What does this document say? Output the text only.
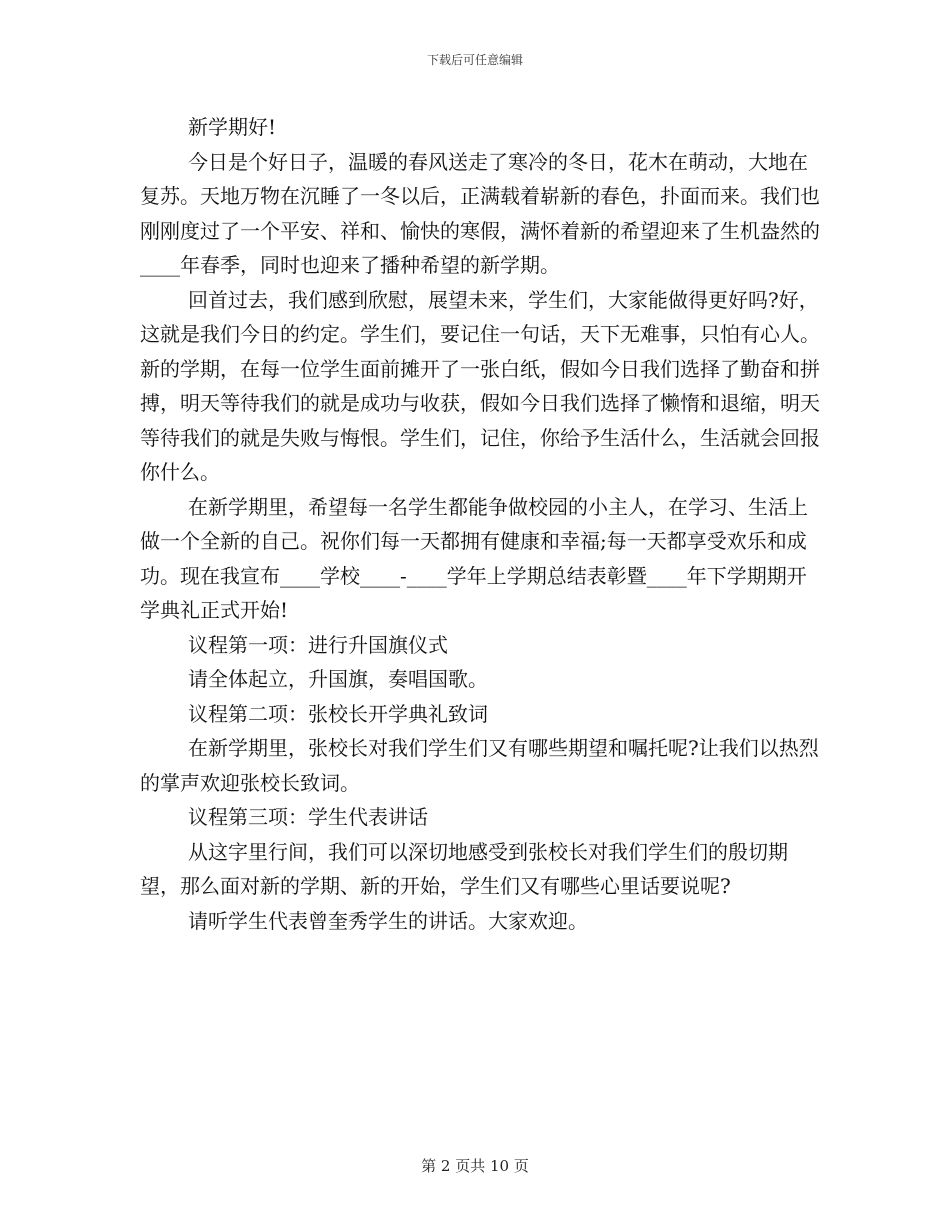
下载后可任意编辑

新学期好!

今日是个好日子，温暖的春风送走了寒冷的冬日，花木在萌动，大地在复苏。天地万物在沉睡了一冬以后，正满载着崭新的春色，扑面而来。我们也刚刚度过了一个平安、祥和、愉快的寒假，满怀着新的希望迎来了生机盎然的____年春季，同时也迎来了播种希望的新学期。

回首过去，我们感到欣慰，展望未来，学生们，大家能做得更好吗?好，这就是我们今日的约定。学生们，要记住一句话，天下无难事，只怕有心人。新的学期，在每一位学生面前摊开了一张白纸，假如今日我们选择了勤奋和拼搏，明天等待我们的就是成功与收获，假如今日我们选择了懒惰和退缩，明天等待我们的就是失败与悔恨。学生们，记住，你给予生活什么，生活就会回报你什么。

在新学期里，希望每一名学生都能争做校园的小主人，在学习、生活上做一个全新的自己。祝你们每一天都拥有健康和幸福;每一天都享受欢乐和成功。现在我宣布____学校____-____学年上学期总结表彰暨____年下学期期开学典礼正式开始!

议程第一项：进行升国旗仪式

请全体起立，升国旗，奏唱国歌。

议程第二项：张校长开学典礼致词

在新学期里，张校长对我们学生们又有哪些期望和嘱托呢?让我们以热烈的掌声欢迎张校长致词。

议程第三项：学生代表讲话

从这字里行间，我们可以深切地感受到张校长对我们学生们的殷切期望，那么面对新的学期、新的开始，学生们又有哪些心里话要说呢?

请听学生代表曾奎秀学生的讲话。大家欢迎。

第 2 页共 10 页
